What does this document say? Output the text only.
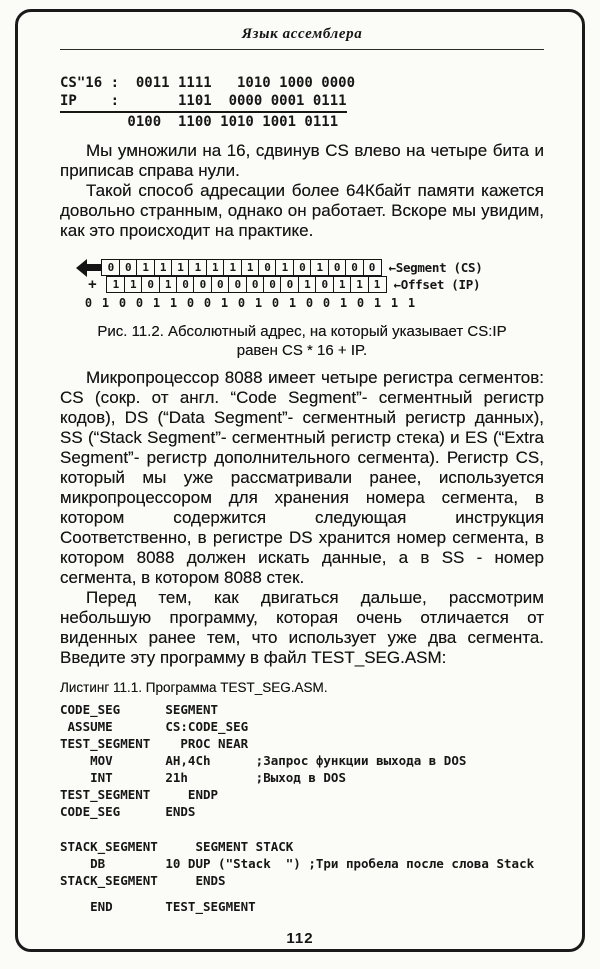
Язык ассемблера
CS"16 :  0011 1111   1010 1000 0000
IP    :       1101  0000 0001 0111
0100  1100 1010 1001 0111

Мы умножили на 16, сдвинув CS влево на четыре бита и приписав справа нули.

Такой способ адресации более 64Кбайт памяти кажется довольно странным, однако он работает. Вскоре мы увидим, как это происходит на практике.

0 0 1 1 1 1 1 1 1 0 1 0 1 0 0 0	←Segment (CS)
+	1 1 0 1 0 0 0 0 0 0 0 1 0 1 1 1	←Offset (IP)
0 1 0 0 1 1 0 0 1 0 1 0 1 0 0 1 0 1 1 1
Рис. 11.2. Абсолютный адрес, на который указывает CS:IP равен CS * 16 + IP.

Микропроцессор 8088 имеет четыре регистра сегментов: CS (сокр. от англ. “Code Segment”- сегментный регистр кодов), DS (“Data Segment”- сегментный регистр данных), SS (“Stack Segment”- сегментный регистр стека) и ES (“Extra Segment”- регистр дополнительного сегмента). Регистр CS, который мы уже рассматривали ранее, используется микропроцессором для хранения номера сегмента, в котором содержится следующая инструкция Соответственно, в регистре DS хранится номер сегмента, в котором 8088 должен искать данные, а в SS - номер сегмента, в котором 8088 стек.

Перед тем, как двигаться дальше, рассмотрим небольшую программу, которая очень отличается от виденных ранее тем, что использует уже два сегмента. Введите эту программу в файл TEST_SEG.ASM:

Листинг 11.1. Программа TEST_SEG.ASM.
CODE_SEG      SEGMENT
ASSUME       CS:CODE_SEG
TEST_SEGMENT    PROC NEAR
MOV       AH,4Ch      ;Запрос функции выхода в DOS
INT       21h         ;Выход в DOS
TEST_SEGMENT     ENDP
CODE_SEG      ENDS
STACK_SEGMENT     SEGMENT STACK
DB        10 DUP ("Stack  ") ;Три пробела после слова Stack
STACK_SEGMENT     ENDS
END       TEST_SEGMENT
112
